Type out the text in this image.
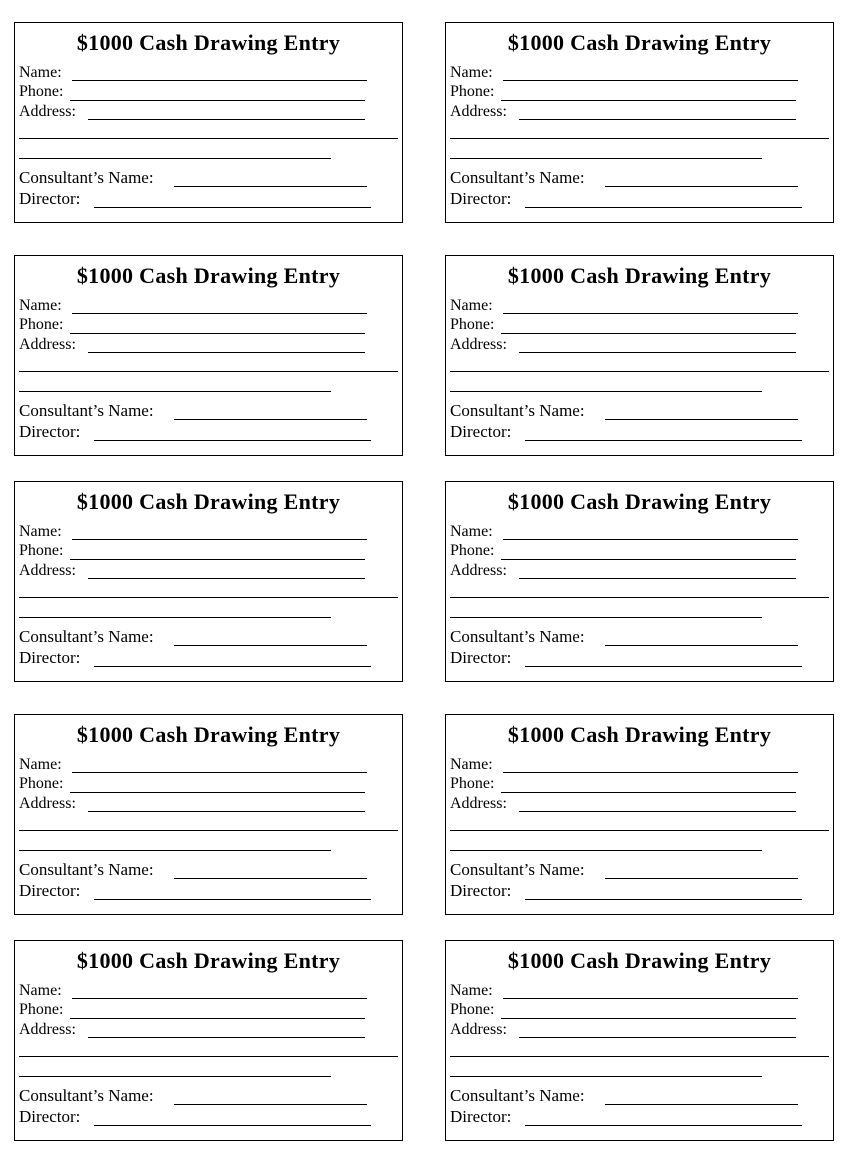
$1000 Cash Drawing Entry
Name:
Phone:
Address:
Consultant’s Name:
Director:
$1000 Cash Drawing Entry
Name:
Phone:
Address:
Consultant’s Name:
Director:
$1000 Cash Drawing Entry
Name:
Phone:
Address:
Consultant’s Name:
Director:
$1000 Cash Drawing Entry
Name:
Phone:
Address:
Consultant’s Name:
Director:
$1000 Cash Drawing Entry
Name:
Phone:
Address:
Consultant’s Name:
Director:
$1000 Cash Drawing Entry
Name:
Phone:
Address:
Consultant’s Name:
Director:
$1000 Cash Drawing Entry
Name:
Phone:
Address:
Consultant’s Name:
Director:
$1000 Cash Drawing Entry
Name:
Phone:
Address:
Consultant’s Name:
Director:
$1000 Cash Drawing Entry
Name:
Phone:
Address:
Consultant’s Name:
Director:
$1000 Cash Drawing Entry
Name:
Phone:
Address:
Consultant’s Name:
Director:
